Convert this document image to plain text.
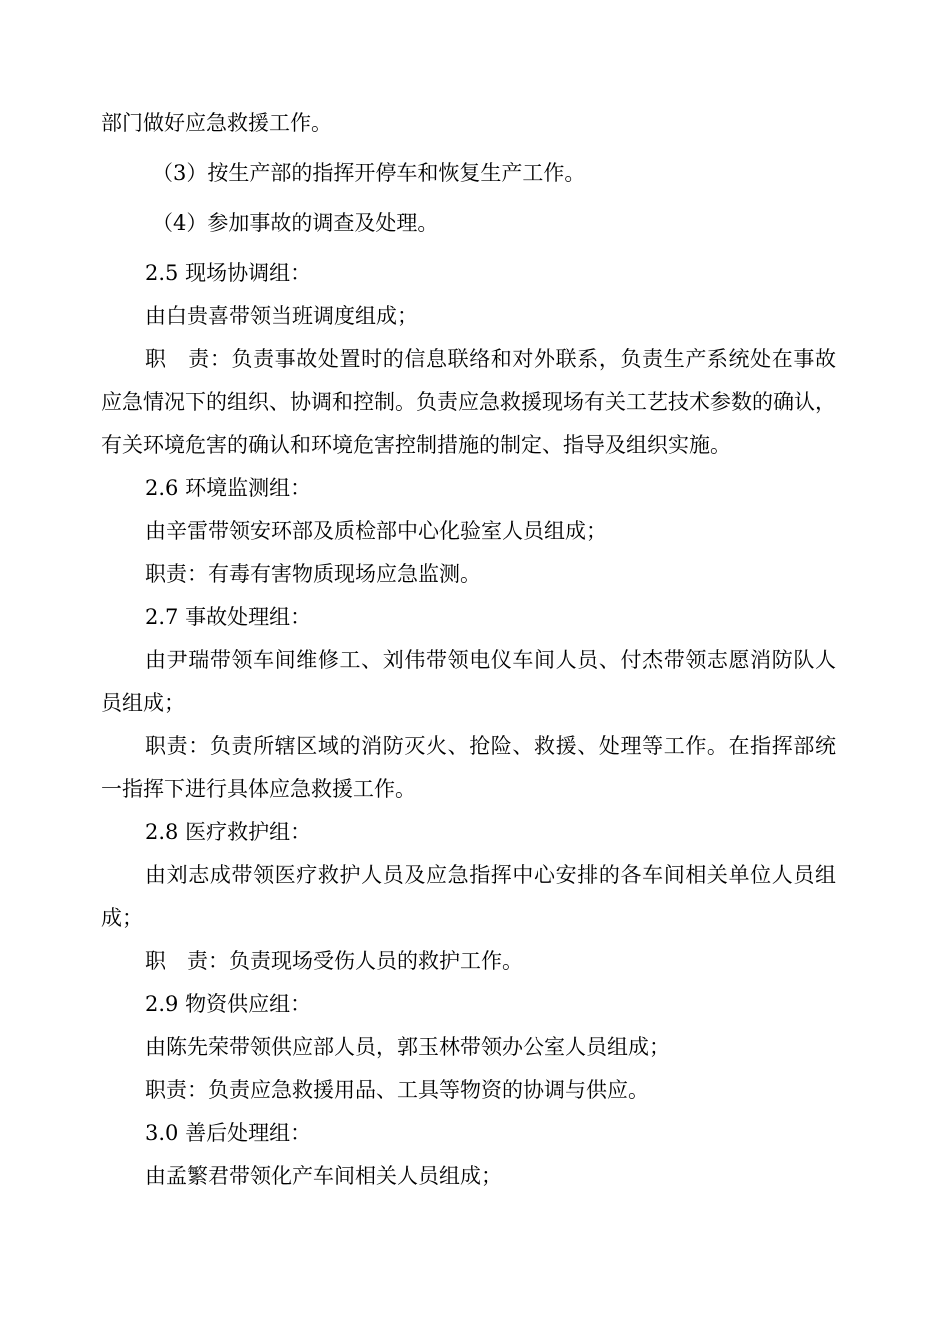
部门做好应急救援工作。

（3）按生产部的指挥开停车和恢复生产工作。

（4）参加事故的调查及处理。

2.5 现场协调组：

由白贵喜带领当班调度组成；

职　责：负责事故处置时的信息联络和对外联系，负责生产系统处在事故应急情况下的组织、协调和控制。负责应急救援现场有关工艺技术参数的确认，有关环境危害的确认和环境危害控制措施的制定、指导及组织实施。

2.6 环境监测组：

由辛雷带领安环部及质检部中心化验室人员组成；

职责：有毒有害物质现场应急监测。

2.7 事故处理组：

由尹瑞带领车间维修工、刘伟带领电仪车间人员、付杰带领志愿消防队人员组成；

职责：负责所辖区域的消防灭火、抢险、救援、处理等工作。在指挥部统一指挥下进行具体应急救援工作。

2.8 医疗救护组：

由刘志成带领医疗救护人员及应急指挥中心安排的各车间相关单位人员组成；

职　责：负责现场受伤人员的救护工作。

2.9 物资供应组：

由陈先荣带领供应部人员，郭玉林带领办公室人员组成；

职责：负责应急救援用品、工具等物资的协调与供应。

3.0 善后处理组：

由孟繁君带领化产车间相关人员组成；
